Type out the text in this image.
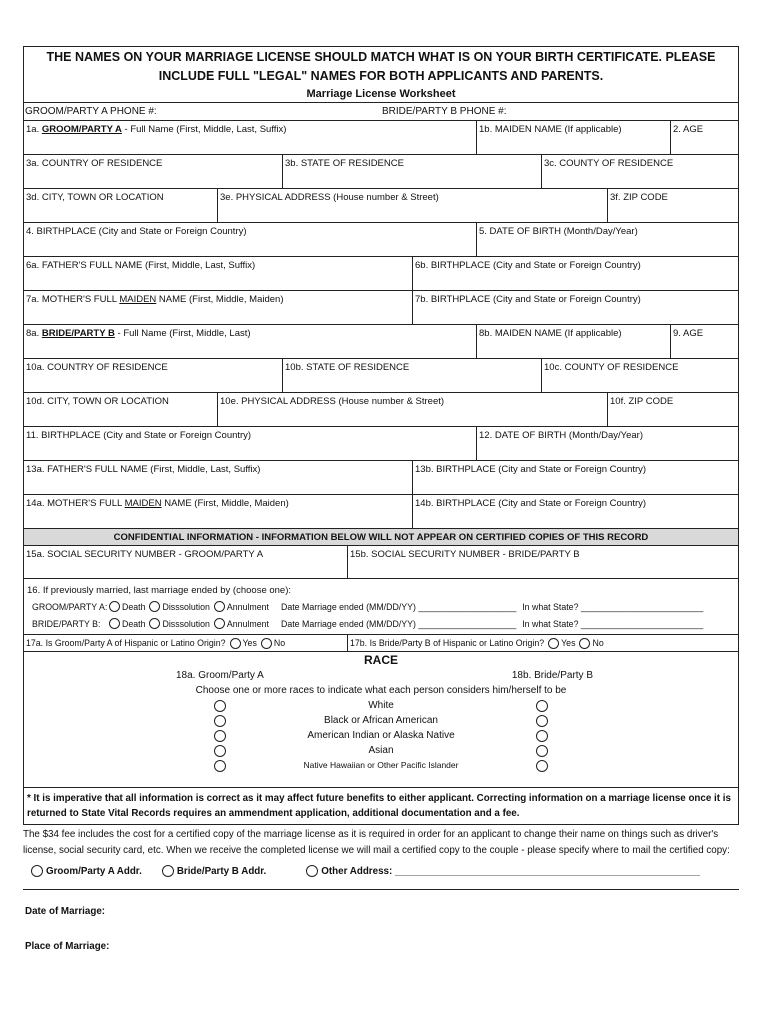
THE NAMES ON YOUR MARRIAGE LICENSE SHOULD MATCH WHAT IS ON YOUR BIRTH CERTIFICATE. PLEASE
INCLUDE FULL "LEGAL" NAMES FOR BOTH APPLICANTS AND PARENTS.
Marriage License Worksheet
GROOM/PARTY A PHONE #:	BRIDE/PARTY B PHONE #:
1a. GROOM/PARTY A - Full Name (First, Middle, Last, Suffix)	1b. MAIDEN NAME (If applicable)	2. AGE
3a. COUNTRY OF RESIDENCE	3b. STATE OF RESIDENCE	3c. COUNTY OF RESIDENCE
3d. CITY, TOWN OR LOCATION	3e. PHYSICAL ADDRESS (House number & Street)	3f. ZIP CODE
4. BIRTHPLACE (City and State or Foreign Country)	5. DATE OF BIRTH (Month/Day/Year)
6a. FATHER'S FULL NAME (First, Middle, Last, Suffix)	6b. BIRTHPLACE (City and State or Foreign Country)
7a. MOTHER'S FULL MAIDEN NAME (First, Middle, Maiden)	7b. BIRTHPLACE (City and State or Foreign Country)
8a. BRIDE/PARTY B - Full Name (First, Middle, Last)	8b. MAIDEN NAME (If applicable)	9. AGE
10a. COUNTRY OF RESIDENCE	10b. STATE OF RESIDENCE	10c. COUNTY OF RESIDENCE
10d. CITY, TOWN OR LOCATION	10e. PHYSICAL ADDRESS (House number & Street)	10f. ZIP CODE
11. BIRTHPLACE (City and State or Foreign Country)	12. DATE OF BIRTH (Month/Day/Year)
13a. FATHER'S FULL NAME (First, Middle, Last, Suffix)	13b. BIRTHPLACE (City and State or Foreign Country)
14a. MOTHER'S FULL MAIDEN NAME (First, Middle, Maiden)	14b. BIRTHPLACE (City and State or Foreign Country)
CONFIDENTIAL INFORMATION - INFORMATION BELOW WILL NOT APPEAR ON CERTIFIED COPIES OF THIS RECORD
15a. SOCIAL SECURITY NUMBER - GROOM/PARTY A	15b. SOCIAL SECURITY NUMBER - BRIDE/PARTY B
16. If previously married, last marriage ended by (choose one):
GROOM/PARTY A: Death Disssolution Annulment Date Marriage ended (MM/DD/YY) ____________________ In what State? _________________________
BRIDE/PARTY B:	Death Disssolution Annulment Date Marriage ended (MM/DD/YY) ____________________ In what State? _________________________
17a. Is Groom/Party A of Hispanic or Latino Origin? Yes No	17b. Is Bride/Party B of Hispanic or Latino Origin? Yes No
RACE
18a. Groom/Party A	18b. Bride/Party B
Choose one or more races to indicate what each person considers him/herself to be
White
Black or African American
American Indian or Alaska Native
Asian
Native Hawaiian or Other Pacific Islander
* It is imperative that all information is correct as it may affect future benefits to either applicant. Correcting information on a marriage license once it is returned to State Vital Records requires an ammendment application, additional documentation and a fee.
The $34 fee includes the cost for a certified copy of the marriage license as it is required in order for an applicant to change their name on things such as driver's license, social security card, etc. When we receive the completed license we will mail a certified copy to the couple - please specify where to mail the certified copy:
Groom/Party A Addr.	Bride/Party B Addr.	Other Address: ________________________________________________________
Date of Marriage:
Place of Marriage:
